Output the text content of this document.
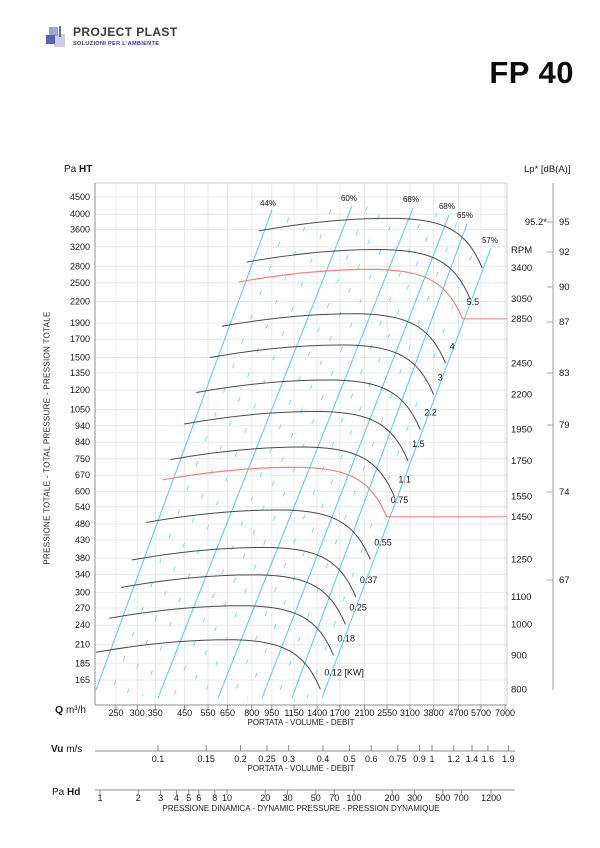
PROJECT PLAST
SOLUZIONI PER L'AMBIENTE
FP 40
44%
60%	68%
68%
65%
57%
3400
3050
5.5
2850
4
2450
3
2200
2.2
1950
1.5
1750
1.1
1550
0.75
1450
0.55
1250
0.37
1100
0.25
1000
0.18
900
0.12 [KW]
800
4500
4000
3600
3200
2800
2500
2200
1900
1700
1500
1350
1200
1050
940
840
750
670
600
540
480
430
380
340
300
270
240
210
185
165
250 300 350 450 550 650 800 950 1150 1400 1700 2100 2550 3100 3800 4700 5700 7000
95
92
90
87
83
79
74
67
95.2*
RPM
0.1	0.15 0.2 0.25 0.3 0.4 0.5 0.6 0.75 0.9 1 1.2 1.4 1.6 1.9
1	2 3 4 5 6 8 10	20 30 50 70 100	200 300 500 700 1200
Pa HT	Lp* [dB(A)]
PRESSIONE TOTALE - TOTAL PRESSURE - PRESSION TOTALE
Q m³/h
PORTATA - VOLUME - DEBIT
Vu m/s
PORTATA - VOLUME - DEBIT
Pa Hd
PRESSIONE DINAMICA - DYNAMIC PRESSURE - PRESSION DYNAMIQUE
